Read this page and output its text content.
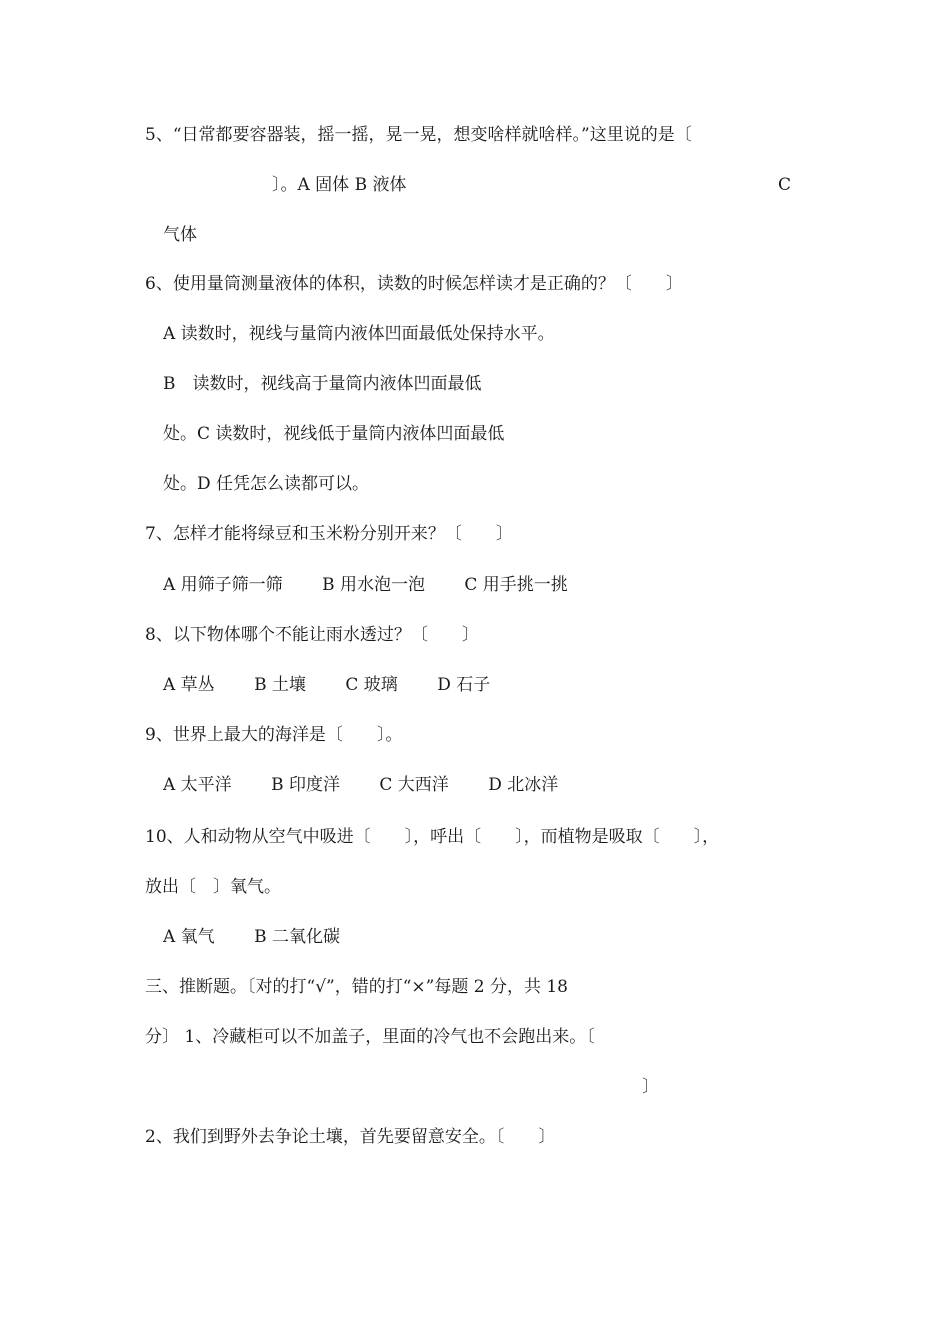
5、“日常都要容器装，摇一摇，晃一晃，想变啥样就啥样。”这里说的是〔
〕。A 固体 B 液体	C
气体
6、使用量筒测量液体的体积，读数的时候怎样读才是正确的？〔　　〕
A 读数时，视线与量筒内液体凹面最低处保持水平。
B　读数时，视线高于量筒内液体凹面最低
处。C 读数时，视线低于量筒内液体凹面最低
处。D 任凭怎么读都可以。
7、怎样才能将绿豆和玉米粉分别开来？〔　　〕
A 用筛子筛一筛　　 B 用水泡一泡　　 C 用手挑一挑
8、以下物体哪个不能让雨水透过？〔　　〕
A 草丛　　 B 土壤　　 C 玻璃　　 D 石子
9、世界上最大的海洋是〔　　〕。
A 太平洋　　 B 印度洋　　 C 大西洋　　 D 北冰洋
10、人和动物从空气中吸进〔　　〕，呼出〔　　〕，而植物是吸取〔　　〕，
放出〔　〕氧气。
A 氧气　　 B 二氧化碳
三、推断题。〔对的打“√”，错的打“×”每题 2 分，共 18
分〕 1、冷藏柜可以不加盖子，里面的冷气也不会跑出来。〔
〕
2、我们到野外去争论土壤，首先要留意安全。〔　　〕
